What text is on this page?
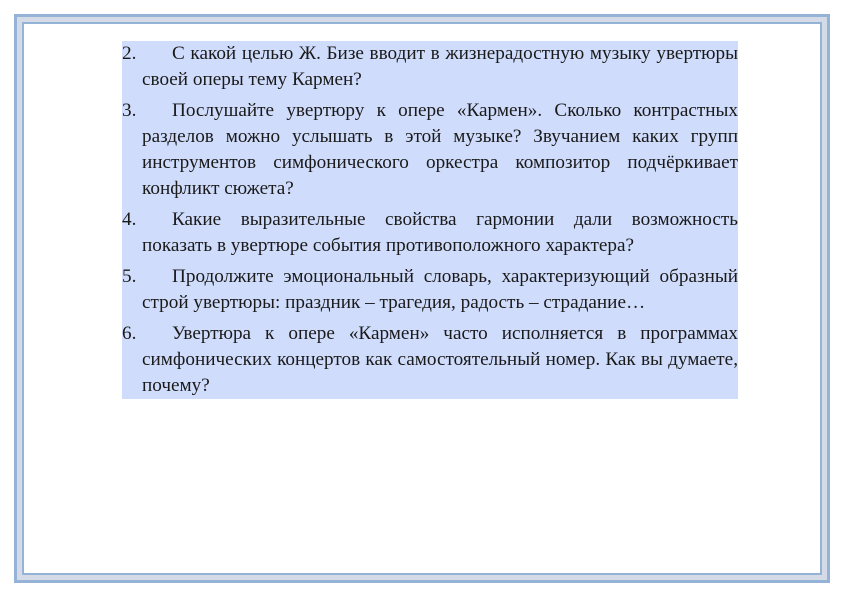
2.	С какой целью Ж. Бизе вводит в жизнерадостную музыку увертюры своей оперы тему Кармен?
3.	Послушайте увертюру к опере «Кармен». Сколько контрастных разделов можно услышать в этой музыке? Звучанием каких групп инструментов симфонического оркестра композитор подчёркивает конфликт сюжета?
4.	Какие выразительные свойства гармонии дали возможность показать в увертюре события противоположного характера?
5.	Продолжите эмоциональный словарь, характеризующий образный строй увертюры: праздник – трагедия, радость – страдание…
6.	Увертюра к опере «Кармен» часто исполняется в программах симфонических концертов как самостоятельный номер. Как вы думаете, почему?
